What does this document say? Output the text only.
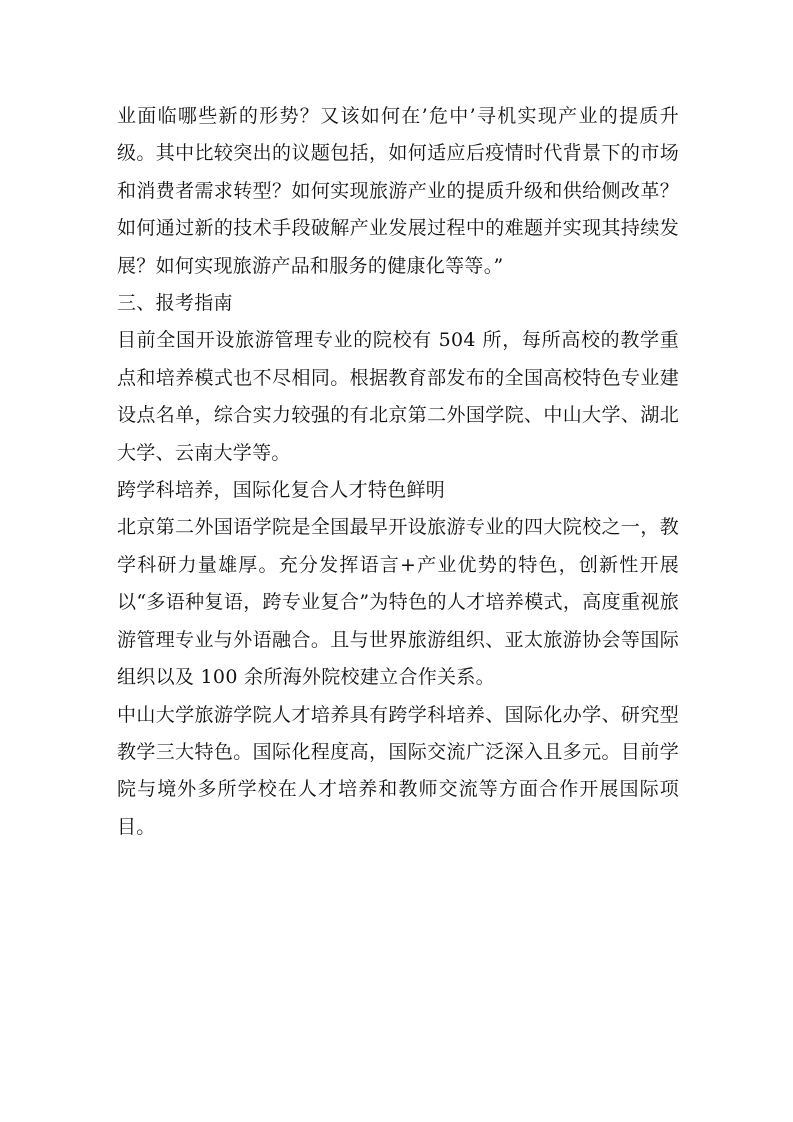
业面临哪些新的形势？又该如何在’危中’寻机实现产业的提质升级。其中比较突出的议题包括，如何适应后疫情时代背景下的市场和消费者需求转型？如何实现旅游产业的提质升级和供给侧改革？如何通过新的技术手段破解产业发展过程中的难题并实现其持续发展？如何实现旅游产品和服务的健康化等等。”

三、报考指南

目前全国开设旅游管理专业的院校有 504 所，每所高校的教学重点和培养模式也不尽相同。根据教育部发布的全国高校特色专业建设点名单，综合实力较强的有北京第二外国学院、中山大学、湖北大学、云南大学等。

跨学科培养，国际化复合人才特色鲜明

北京第二外国语学院是全国最早开设旅游专业的四大院校之一，教学科研力量雄厚。充分发挥语言+产业优势的特色，创新性开展以“多语种复语，跨专业复合”为特色的人才培养模式，高度重视旅游管理专业与外语融合。且与世界旅游组织、亚太旅游协会等国际组织以及 100 余所海外院校建立合作关系。

中山大学旅游学院人才培养具有跨学科培养、国际化办学、研究型教学三大特色。国际化程度高，国际交流广泛深入且多元。目前学院与境外多所学校在人才培养和教师交流等方面合作开展国际项目。
